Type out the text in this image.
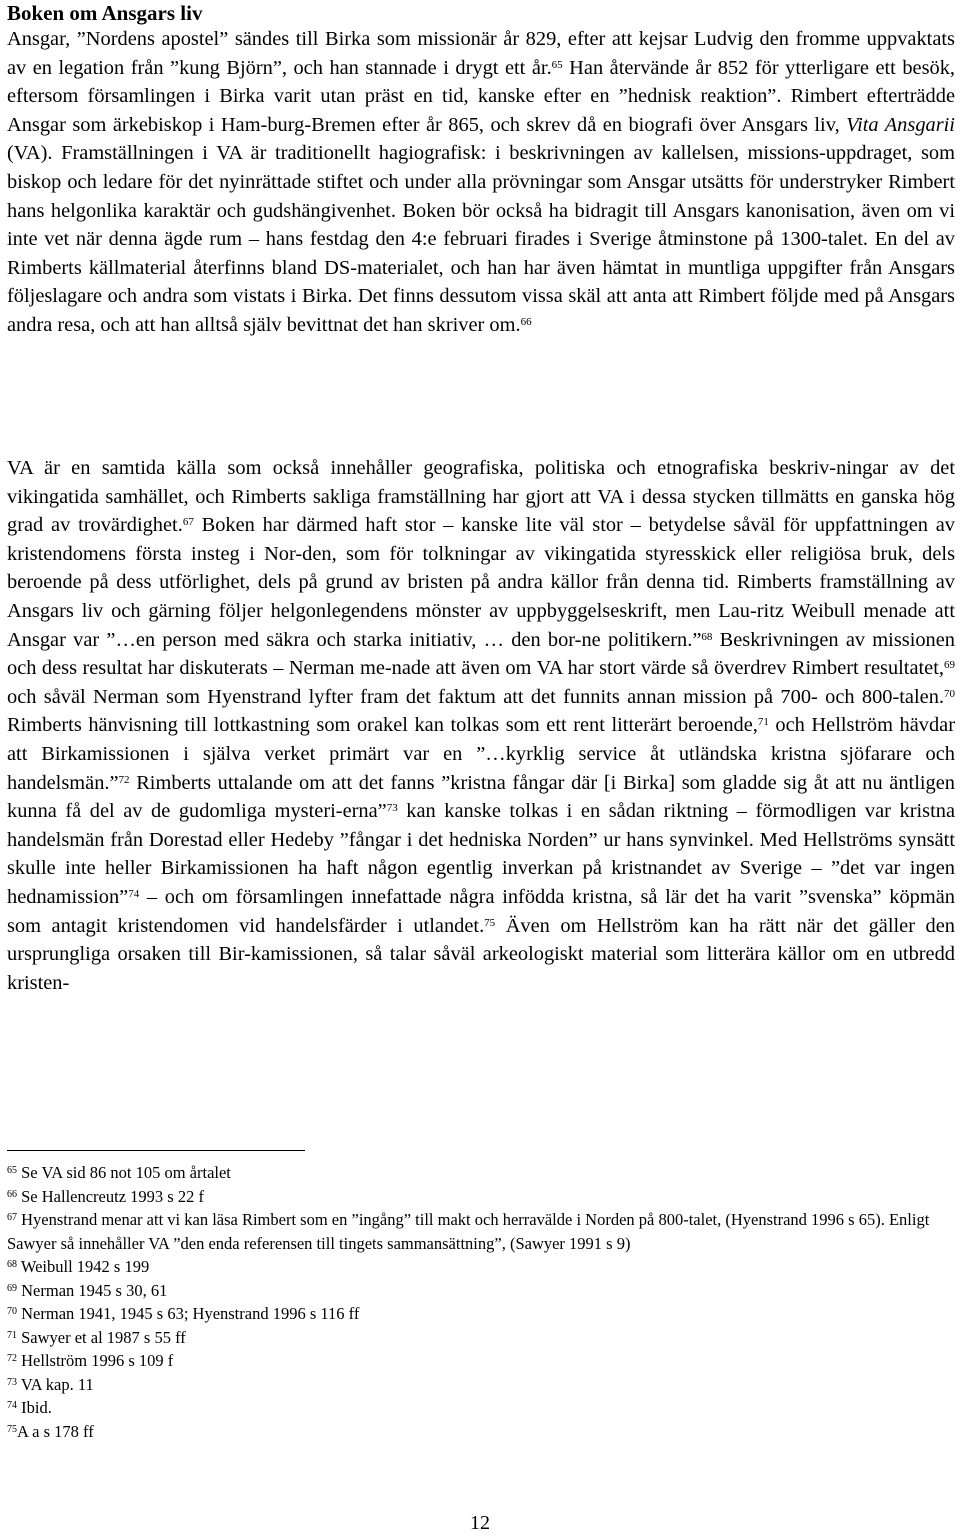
Boken om Ansgars liv
Ansgar, ”Nordens apostel” sändes till Birka som missionär år 829, efter att kejsar Ludvig den fromme uppvaktats av en legation från ”kung Björn”, och han stannade i drygt ett år.$^{65}$ Han återvände år 852 för ytterligare ett besök, eftersom församlingen i Birka varit utan präst en tid, kanske efter en ”hednisk reaktion”. Rimbert efterträdde Ansgar som ärkebiskop i Ham-burg-Bremen efter år 865, och skrev då en biografi över Ansgars liv, Vita Ansgarii (VA). Framställningen i VA är traditionellt hagiografisk: i beskrivningen av kallelsen, missions-uppdraget, som biskop och ledare för det nyinrättade stiftet och under alla prövningar som Ansgar utsätts för understryker Rimbert hans helgonlika karaktär och gudshängivenhet. Boken bör också ha bidragit till Ansgars kanonisation, även om vi inte vet när denna ägde rum – hans festdag den 4:e februari firades i Sverige åtminstone på 1300-talet. En del av Rimberts källmaterial återfinns bland DS-materialet, och han har även hämtat in muntliga uppgifter från Ansgars följeslagare och andra som vistats i Birka. Det finns dessutom vissa skäl att anta att Rimbert följde med på Ansgars andra resa, och att han alltså själv bevittnat det han skriver om.$^{66}$
VA är en samtida källa som också innehåller geografiska, politiska och etnografiska beskriv-ningar av det vikingatida samhället, och Rimberts sakliga framställning har gjort att VA i dessa stycken tillmätts en ganska hög grad av trovärdighet.$^{67}$ Boken har därmed haft stor – kanske lite väl stor – betydelse såväl för uppfattningen av kristendomens första insteg i Nor-den, som för tolkningar av vikingatida styresskick eller religiösa bruk, dels beroende på dess utförlighet, dels på grund av bristen på andra källor från denna tid. Rimberts framställning av Ansgars liv och gärning följer helgonlegendens mönster av uppbyggelseskrift, men Lau-ritz Weibull menade att Ansgar var ”…en person med säkra och starka initiativ, … den bor-ne politikern.”$^{68}$ Beskrivningen av missionen och dess resultat har diskuterats – Nerman me-nade att även om VA har stort värde så överdrev Rimbert resultatet,$^{69}$ och såväl Nerman som Hyenstrand lyfter fram det faktum att det funnits annan mission på 700- och 800-talen.$^{70}$ Rimberts hänvisning till lottkastning som orakel kan tolkas som ett rent litterärt beroende,$^{71}$ och Hellström hävdar att Birkamissionen i själva verket primärt var en ”…kyrklig service åt utländska kristna sjöfarare och handelsmän.”$^{72}$ Rimberts uttalande om att det fanns ”kristna fångar där [i Birka] som gladde sig åt att nu äntligen kunna få del av de gudomliga mysteri-erna”$^{73}$ kan kanske tolkas i en sådan riktning – förmodligen var kristna handelsmän från Dorestad eller Hedeby ”fångar i det hedniska Norden” ur hans synvinkel. Med Hellströms synsätt skulle inte heller Birkamissionen ha haft någon egentlig inverkan på kristnandet av Sverige – ”det var ingen hednamission”$^{74}$ – och om församlingen innefattade några infödda kristna, så lär det ha varit ”svenska” köpmän som antagit kristendomen vid handelsfärder i utlandet.$^{75}$ Även om Hellström kan ha rätt när det gäller den ursprungliga orsaken till Bir-kamissionen, så talar såväl arkeologiskt material som litterära källor om en utbredd kristen-
$^{65}$ Se VA sid 86 not 105 om årtalet
$^{66}$ Se Hallencreutz 1993 s 22 f
$^{67}$ Hyenstrand menar att vi kan läsa Rimbert som en ”ingång” till makt och herravälde i Norden på 800-talet, (Hyenstrand 1996 s 65). Enligt Sawyer så innehåller VA ”den enda referensen till tingets sammansättning”, (Sawyer 1991 s 9)
$^{68}$ Weibull 1942 s 199
$^{69}$ Nerman 1945 s 30, 61
$^{70}$ Nerman 1941, 1945 s 63; Hyenstrand 1996 s 116 ff
$^{71}$ Sawyer et al 1987 s 55 ff
$^{72}$ Hellström 1996 s 109 f
$^{73}$ VA kap. 11
$^{74}$ Ibid.
$^{75}$A a s 178 ff
12
